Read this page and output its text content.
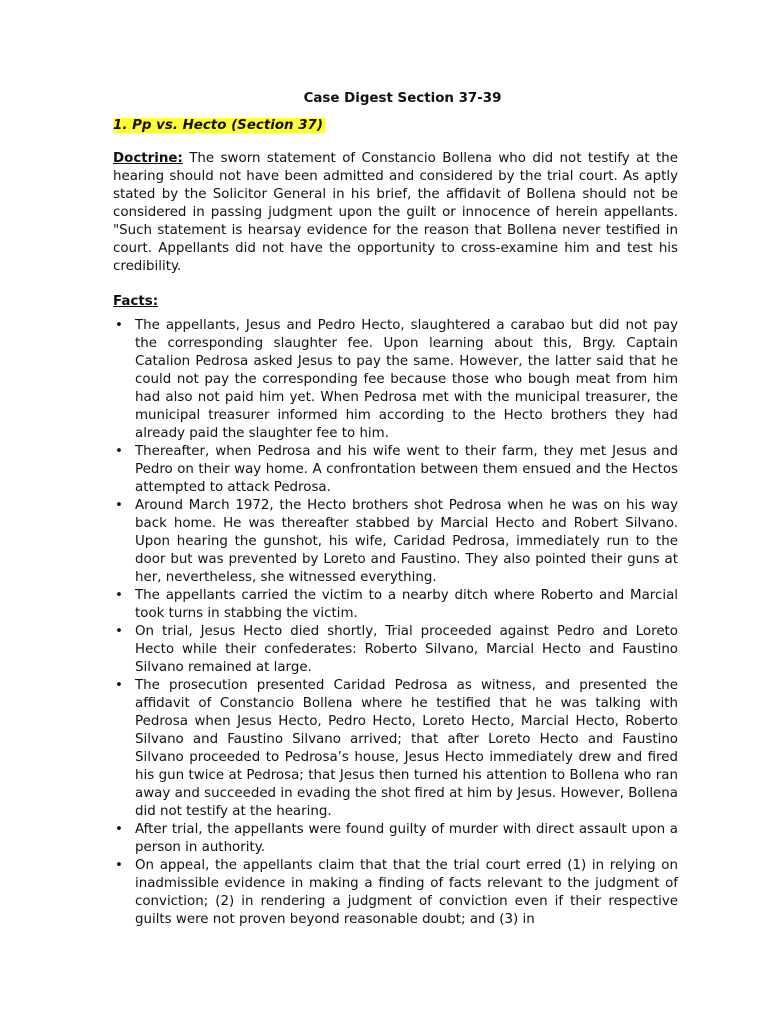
Case Digest Section 37-39
1. Pp vs. Hecto (Section 37)
Doctrine: The sworn statement of Constancio Bollena who did not testify at the hearing should not have been admitted and considered by the trial court. As aptly stated by the Solicitor General in his brief, the affidavit of Bollena should not be considered in passing judgment upon the guilt or innocence of herein appellants. "Such statement is hearsay evidence for the reason that Bollena never testified in court. Appellants did not have the opportunity to cross-examine him and test his credibility.
Facts:
• The appellants, Jesus and Pedro Hecto, slaughtered a carabao but did not pay the corresponding slaughter fee. Upon learning about this, Brgy. Captain Catalion Pedrosa asked Jesus to pay the same. However, the latter said that he could not pay the corresponding fee because those who bough meat from him had also not paid him yet. When Pedrosa met with the municipal treasurer, the municipal treasurer informed him according to the Hecto brothers they had already paid the slaughter fee to him.
• Thereafter, when Pedrosa and his wife went to their farm, they met Jesus and Pedro on their way home. A confrontation between them ensued and the Hectos attempted to attack Pedrosa.
• Around March 1972, the Hecto brothers shot Pedrosa when he was on his way back home. He was thereafter stabbed by Marcial Hecto and Robert Silvano. Upon hearing the gunshot, his wife, Caridad Pedrosa, immediately run to the door but was prevented by Loreto and Faustino. They also pointed their guns at her, nevertheless, she witnessed everything.
• The appellants carried the victim to a nearby ditch where Roberto and Marcial took turns in stabbing the victim.
• On trial, Jesus Hecto died shortly, Trial proceeded against Pedro and Loreto Hecto while their confederates: Roberto Silvano, Marcial Hecto and Faustino Silvano remained at large.
• The prosecution presented Caridad Pedrosa as witness, and presented the affidavit of Constancio Bollena where he testified that he was talking with Pedrosa when Jesus Hecto, Pedro Hecto, Loreto Hecto, Marcial Hecto, Roberto Silvano and Faustino Silvano arrived; that after Loreto Hecto and Faustino Silvano proceeded to Pedrosa’s house, Jesus Hecto immediately drew and fired his gun twice at Pedrosa; that Jesus then turned his attention to Bollena who ran away and succeeded in evading the shot fired at him by Jesus. However, Bollena did not testify at the hearing.
• After trial, the appellants were found guilty of murder with direct assault upon a person in authority.
• On appeal, the appellants claim that that the trial court erred (1) in relying on inadmissible evidence in making a finding of facts relevant to the judgment of conviction; (2) in rendering a judgment of conviction even if their respective guilts were not proven beyond reasonable doubt; and (3) in
